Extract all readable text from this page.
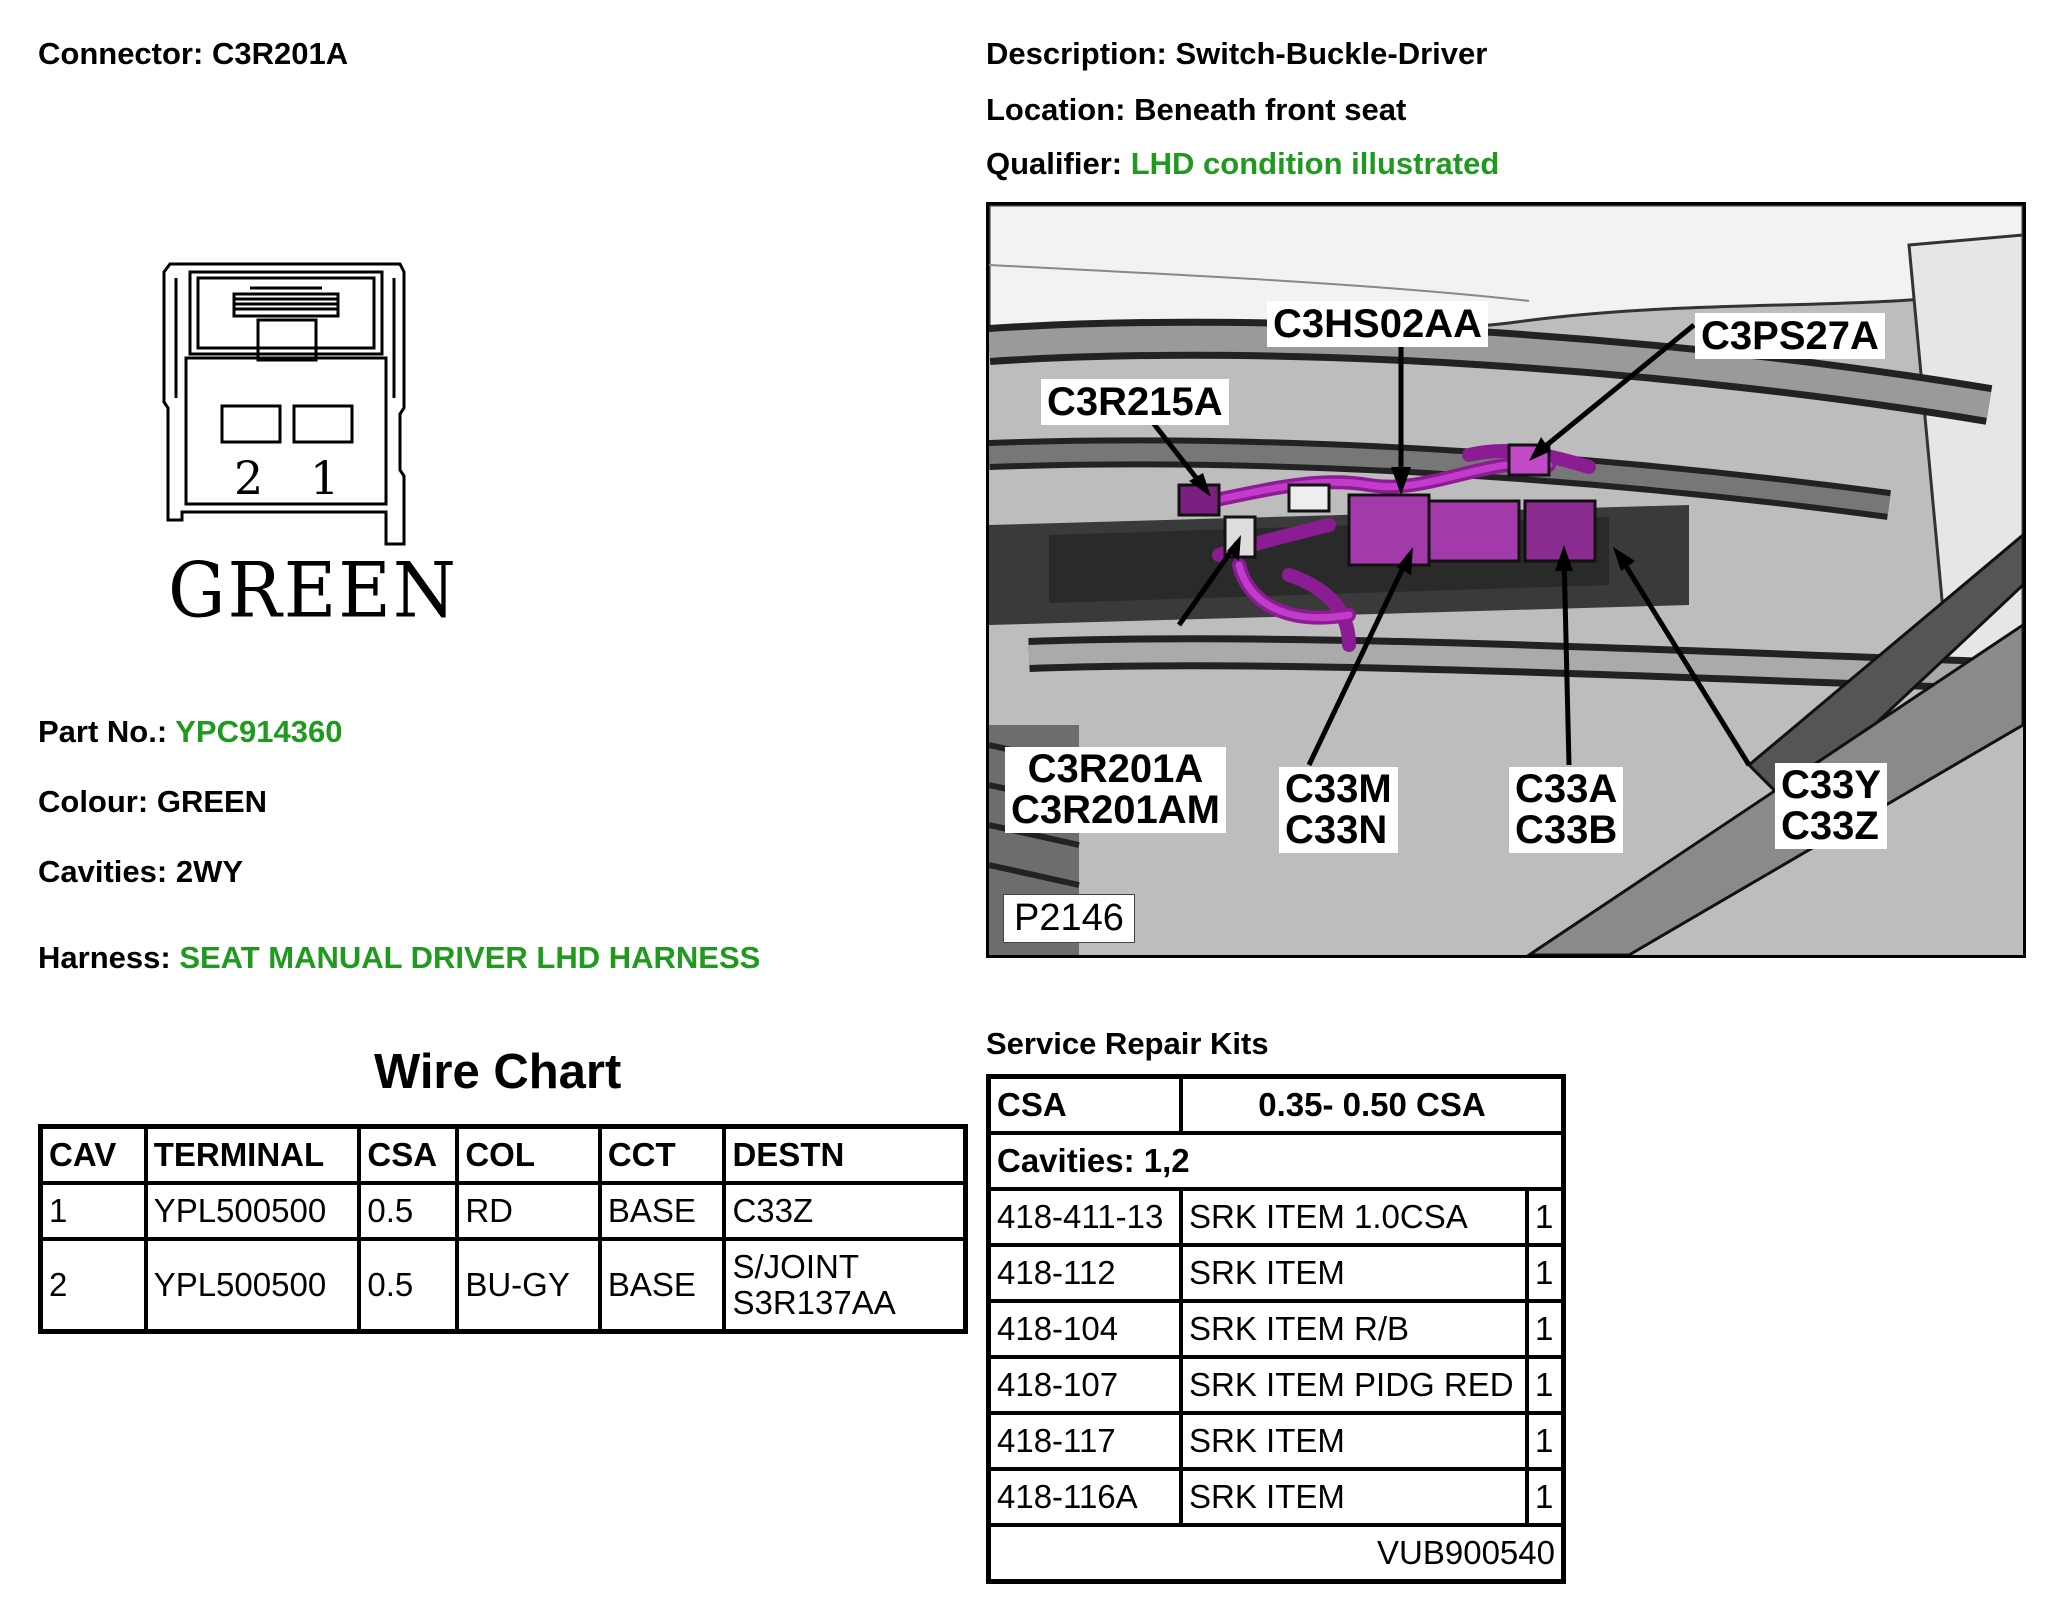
Connector: C3R201A	Description: Switch-Buckle-Driver
Location: Beneath front seat
Qualifier: LHD condition illustrated
2 1
GREEN
Part No.: YPC914360
Colour: GREEN
Cavities: 2WY
Harness: SEAT MANUAL DRIVER LHD HARNESS
C3HS02AA	C3PS27A
C3R215A
C3R201A
C3R201AM C33M
C33N
C33A
C33B
C33Y
C33Z
P2146
Wire Chart
CAV	TERMINAL	CSA	COL	CCT	DESTN
1	YPL500500	0.5	RD	BASE	C33Z
2	YPL500500	0.5	BU-GY	BASE	S/JOINT S3R137AA
Service Repair Kits
CSA	0.35- 0.50 CSA	
Cavities: 1,2		
418-411-13	SRK ITEM 1.0CSA	1
418-112	SRK ITEM	1
418-104	SRK ITEM R/B	1
418-107	SRK ITEM PIDG RED	1
418-117	SRK ITEM	1
418-116A	SRK ITEM	1
VUB900540		
